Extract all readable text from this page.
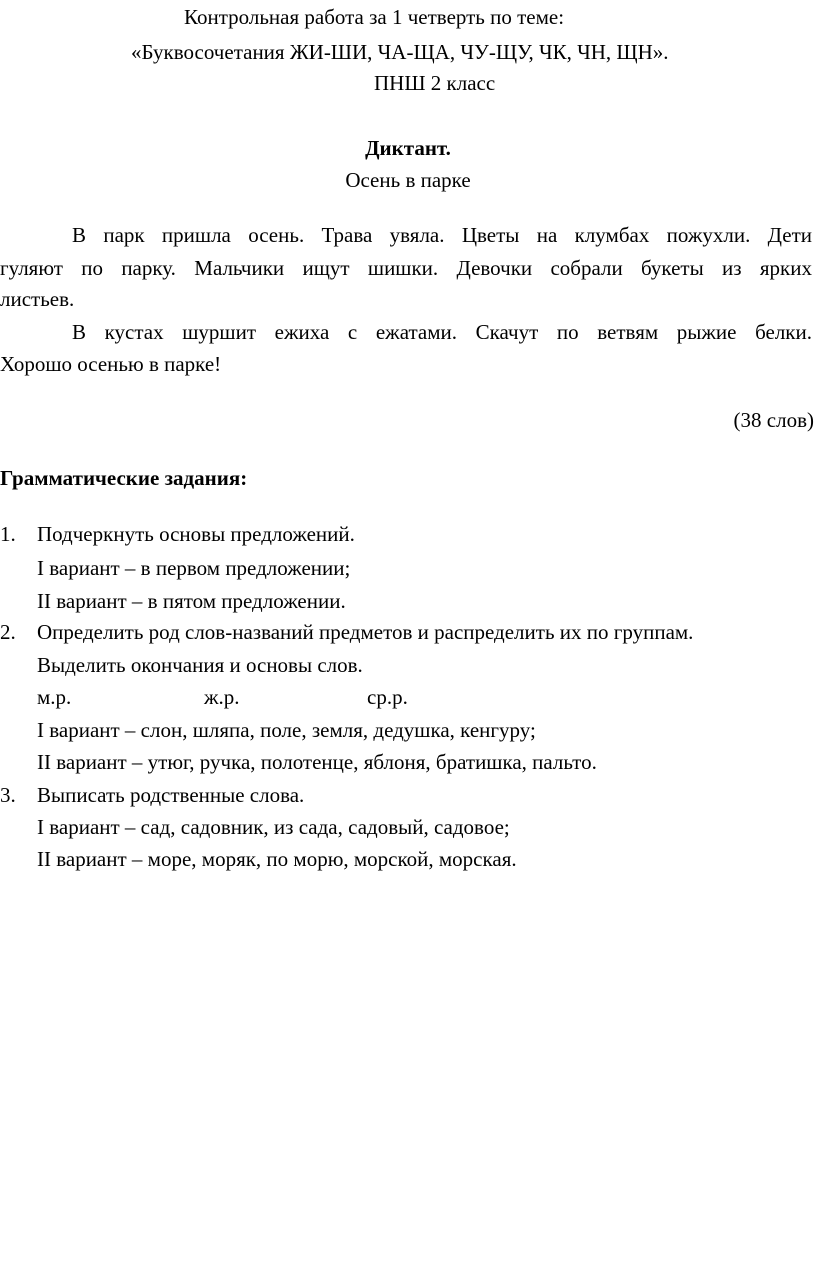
Контрольная работа за 1 четверть по теме:
«Буквосочетания ЖИ-ШИ, ЧА-ЩА, ЧУ-ЩУ, ЧК, ЧН, ЩН».
ПНШ 2 класс
Диктант.
Осень в парке
В парк пришла осень. Трава увяла. Цветы на клумбах пожухли. Дети
гуляют по парку. Мальчики ищут шишки. Девочки собрали букеты из ярких
листьев.
В кустах шуршит ежиха с ежатами. Скачут по ветвям рыжие белки.
Хорошо осенью в парке!
(38 слов)
Грамматические задания:
1. Подчеркнуть основы предложений.
I вариант – в первом предложении;
II вариант – в пятом предложении.
2. Определить род слов-названий предметов и распределить их по группам.
Выделить окончания и основы слов.
м.р.	ж.р.	ср.р.
I вариант – слон, шляпа, поле, земля, дедушка, кенгуру;
II вариант – утюг, ручка, полотенце, яблоня, братишка, пальто.
3. Выписать родственные слова.
I вариант – сад, садовник, из сада, садовый, садовое;
II вариант – море, моряк, по морю, морской, морская.
